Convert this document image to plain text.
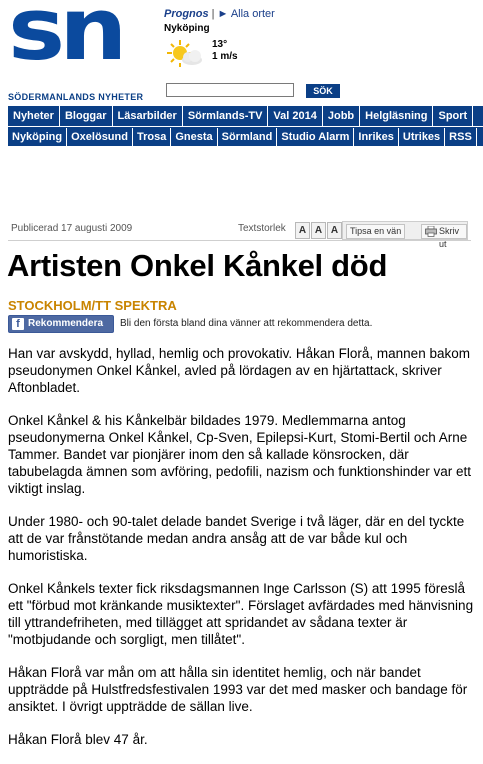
sn
SÖDERMANLANDS NYHETER
Prognos | ► Alla orter
Nyköping
13°
1 m/s
SÖK
Nyheter Bloggar Läsarbilder Sörmlands-TV Val 2014 Jobb Helgläsning Sport
Nyköping Oxelösund Trosa Gnesta Sörmland Studio Alarm Inrikes Utrikes RSS
Publicerad 17 augusti 2009	Textstorlek	A A A	Tipsa en vän	Skriv ut
Artisten Onkel Kånkel död
STOCKHOLM/TT SPEKTRA
f Rekommendera Bli den första bland dina vänner att rekommendera detta.

Han var avskydd, hyllad, hemlig och provokativ. Håkan Florå, mannen bakom pseudonymen Onkel Kånkel, avled på lördagen av en hjärtattack, skriver Aftonbladet.

Onkel Kånkel & his Kånkelbär bildades 1979. Medlemmarna antog pseudonymerna Onkel Kånkel, Cp-Sven, Epilepsi-Kurt, Stomi-Bertil och Arne Tammer. Bandet var pionjärer inom den så kallade könsrocken, där tabubelagda ämnen som avföring, pedofili, nazism och funktionshinder var ett viktigt inslag.

Under 1980- och 90-talet delade bandet Sverige i två läger, där en del tyckte att de var frånstötande medan andra ansåg att de var både kul och humoristiska.

Onkel Kånkels texter fick riksdagsmannen Inge Carlsson (S) att 1995 föreslå ett "förbud mot kränkande musiktexter". Förslaget avfärdades med hänvisning till yttrandefriheten, med tillägget att spridandet av sådana texter är "motbjudande och sorgligt, men tillåtet".

Håkan Florå var mån om att hålla sin identitet hemlig, och när bandet uppträdde på Hulstfredsfestivalen 1993 var det med masker och bandage för ansiktet. I övrigt uppträdde de sällan live.

Håkan Florå blev 47 år.
